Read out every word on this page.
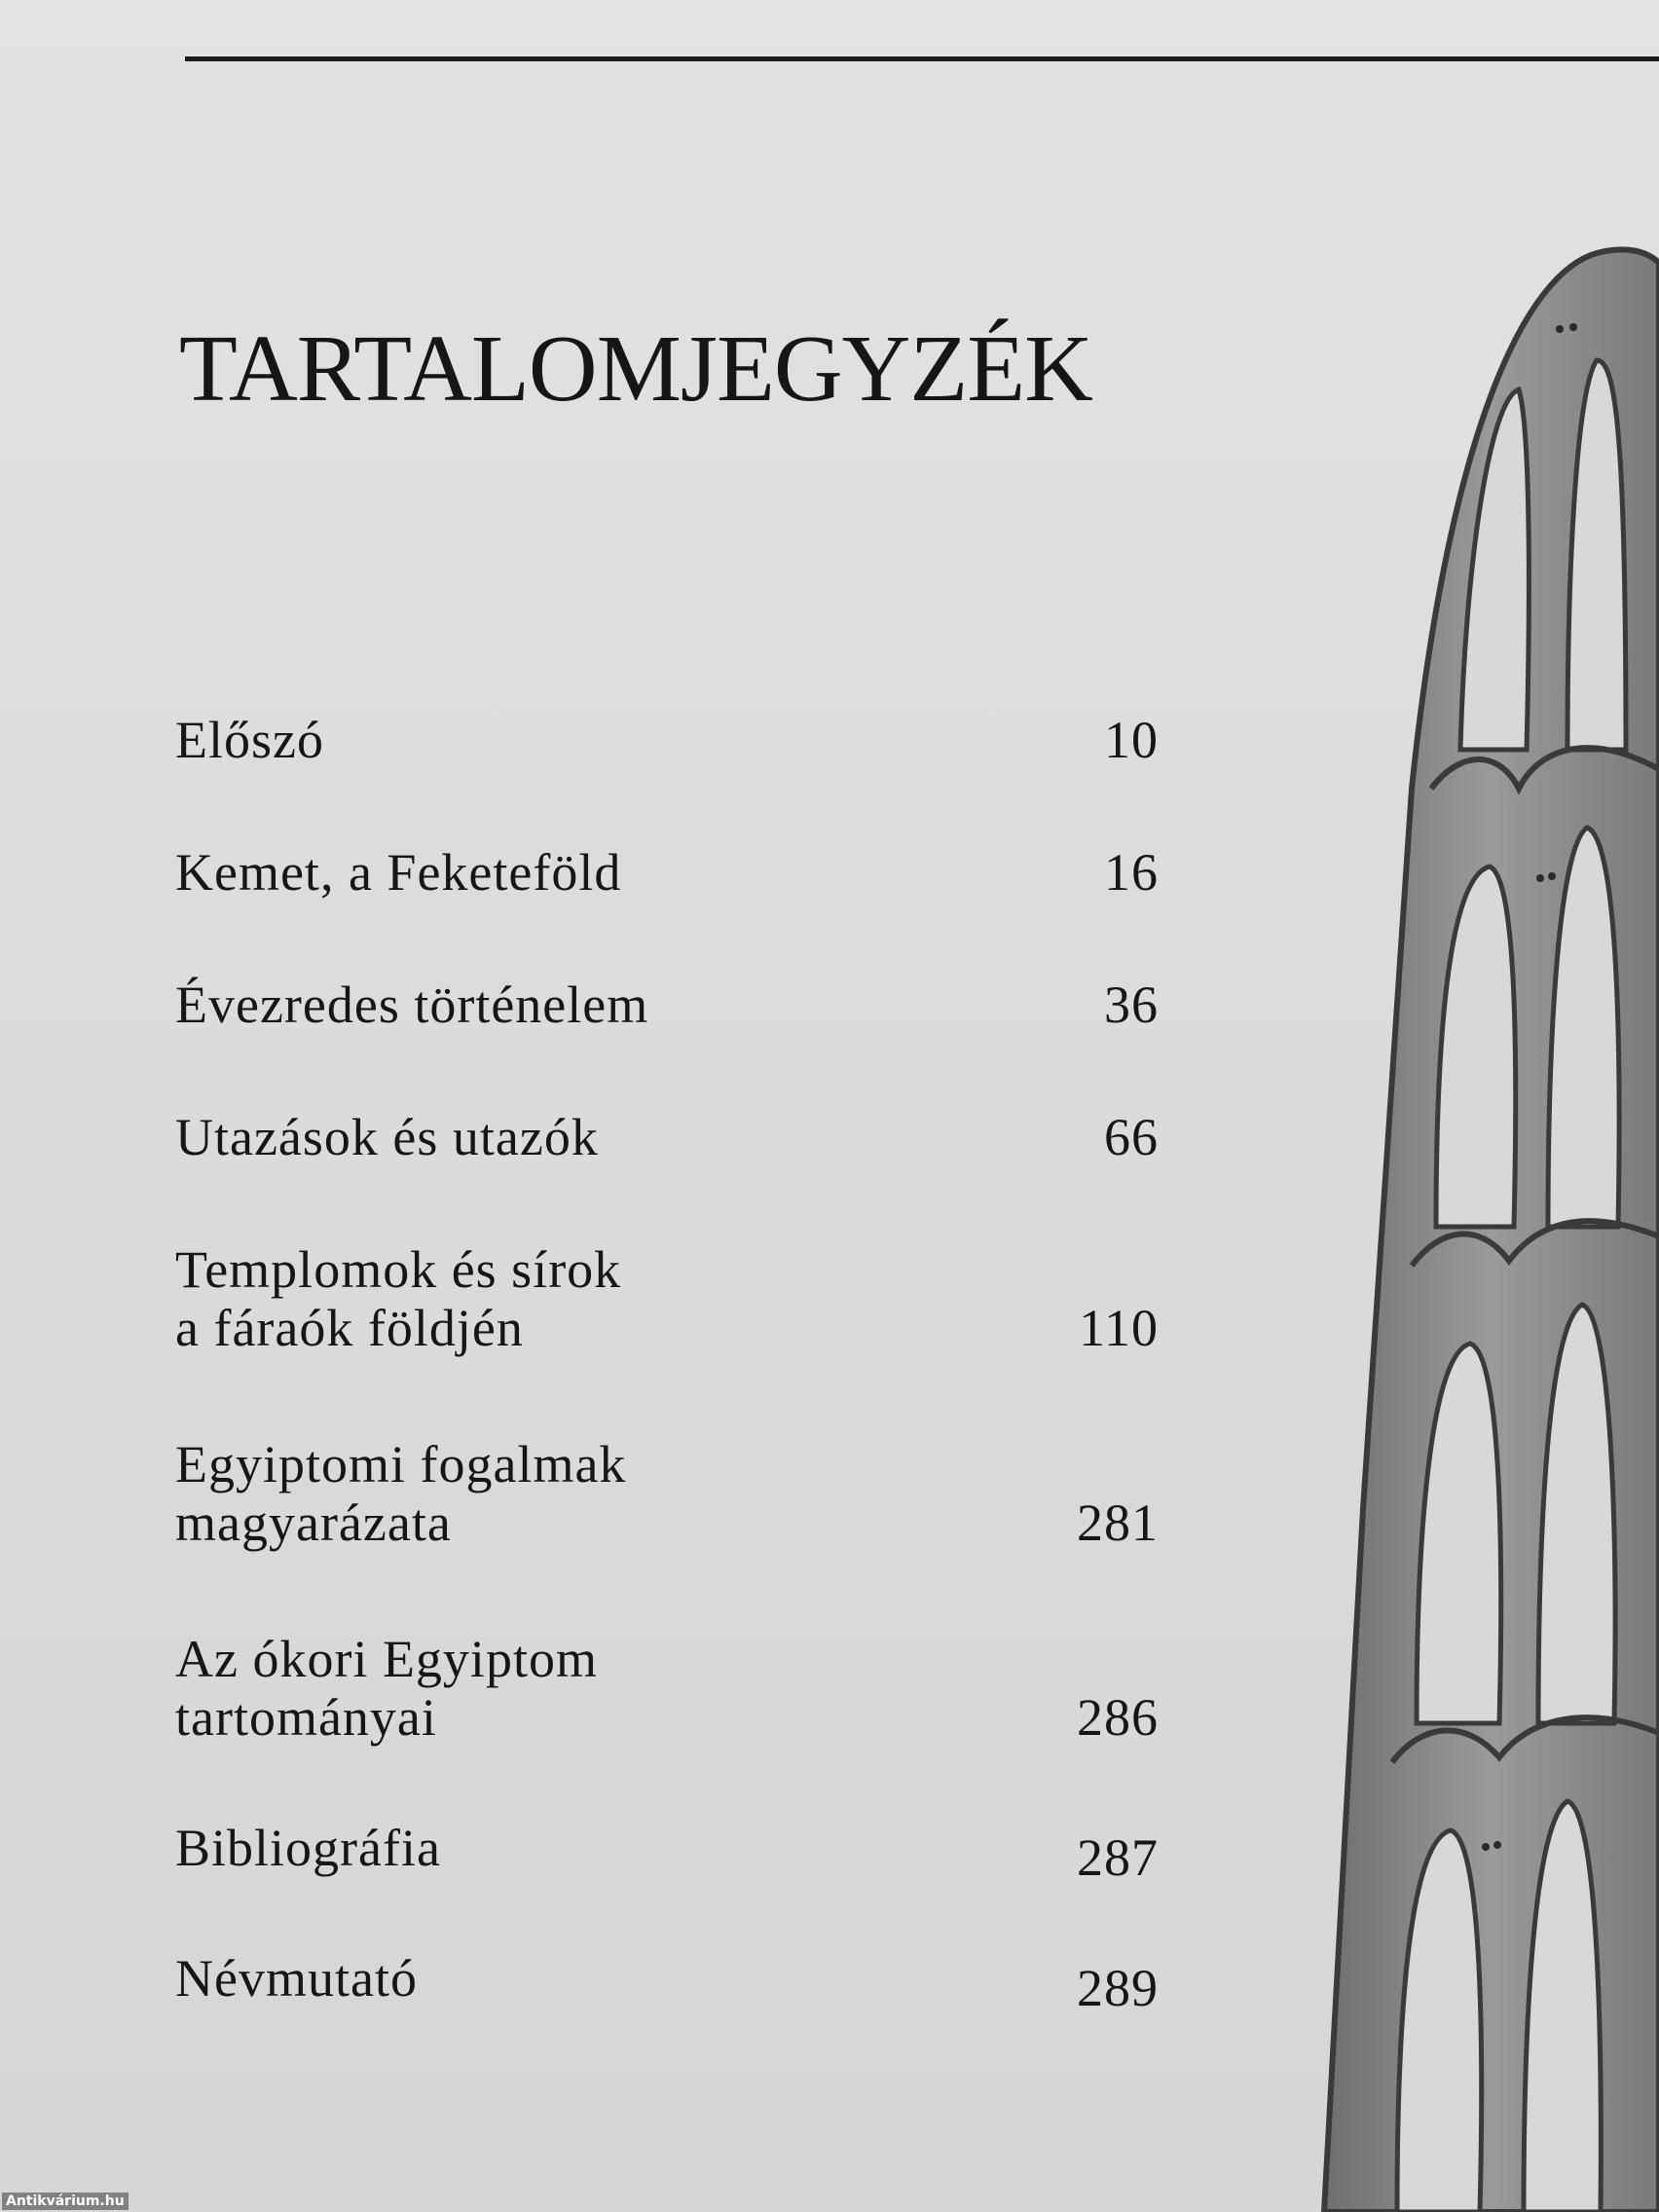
TARTALOMJEGYZÉK
Előszó	10
Kemet, a Feketeföld	16
Évezredes történelem	36
Utazások és utazók	66
Templomok és sírok
a fáraók földjén	110
Egyiptomi fogalmak
magyarázata	281
Az ókori Egyiptom
tartományai	286
Bibliográfia	287
Névmutató	289
Antikvárium.hu
